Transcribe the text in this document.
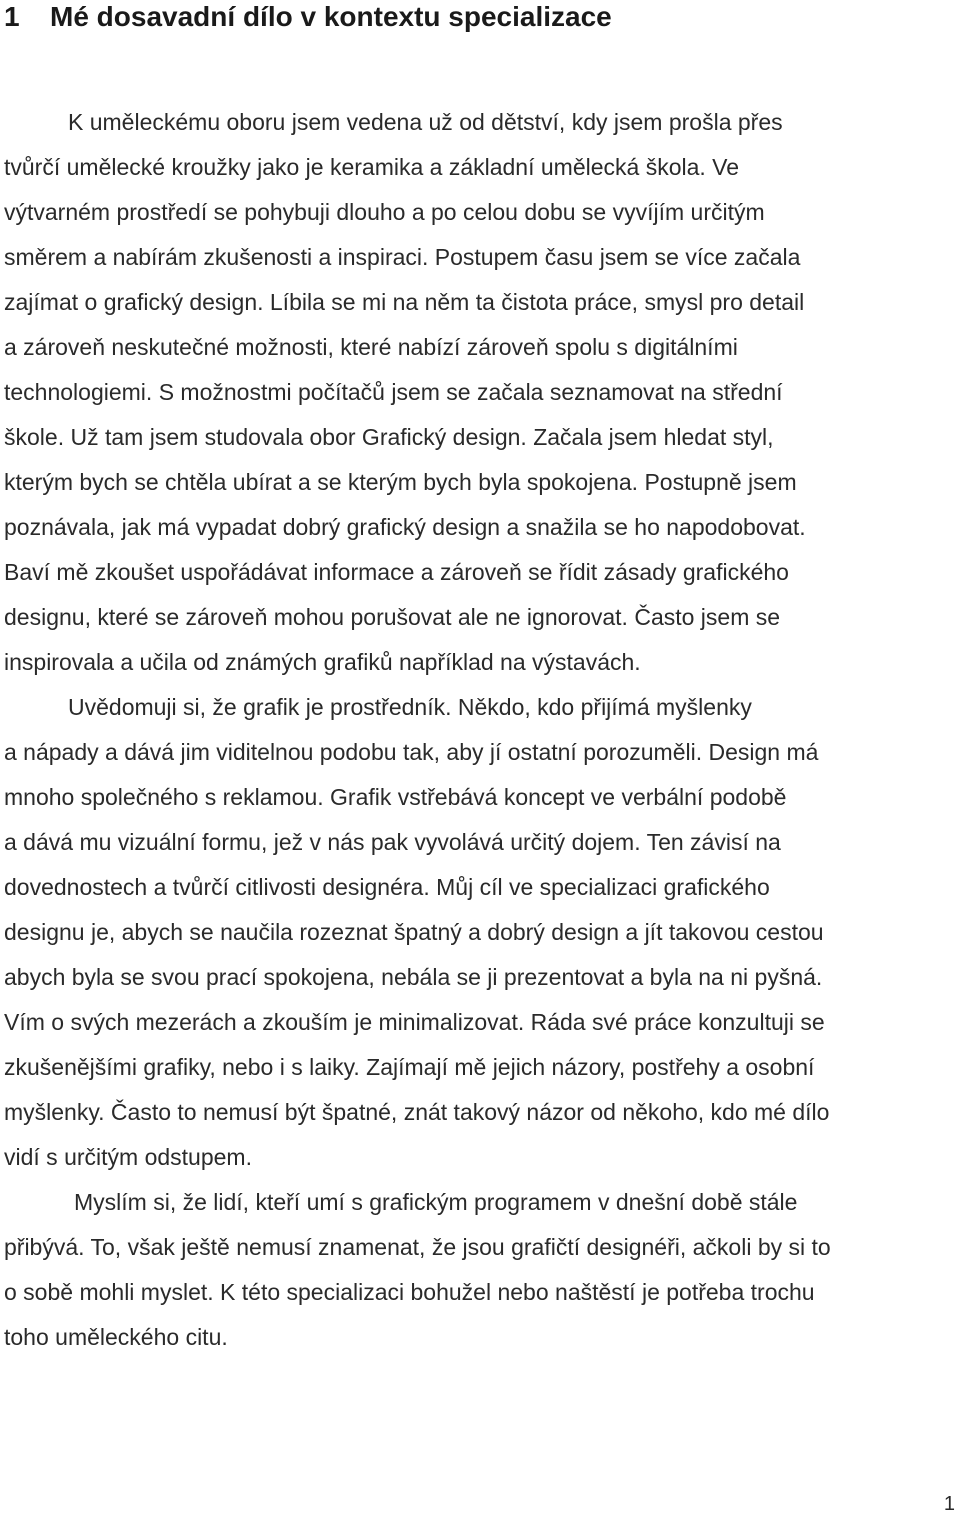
1 Mé dosavadní dílo v kontextu specializace
K uměleckému oboru jsem vedena už od dětství, kdy jsem prošla přes
tvůrčí umělecké kroužky jako je keramika a základní umělecká škola. Ve
výtvarném prostředí se pohybuji dlouho a po celou dobu se vyvíjím určitým
směrem a nabírám zkušenosti a inspiraci. Postupem času jsem se více začala
zajímat o grafický design. Líbila se mi na něm ta čistota práce, smysl pro detail
a zároveň neskutečné možnosti, které nabízí zároveň spolu s digitálními
technologiemi. S možnostmi počítačů jsem se začala seznamovat na střední
škole. Už tam jsem studovala obor Grafický design. Začala jsem hledat styl,
kterým bych se chtěla ubírat a se kterým bych byla spokojena. Postupně jsem
poznávala, jak má vypadat dobrý grafický design a snažila se ho napodobovat.
Baví mě zkoušet uspořádávat informace a zároveň se řídit zásady grafického
designu, které se zároveň mohou porušovat ale ne ignorovat. Často jsem se
inspirovala a učila od známých grafiků například na výstavách.
Uvědomuji si, že grafik je prostředník. Někdo, kdo přijímá myšlenky
a nápady a dává jim viditelnou podobu tak, aby jí ostatní porozuměli. Design má
mnoho společného s reklamou. Grafik vstřebává koncept ve verbální podobě
a dává mu vizuální formu, jež v nás pak vyvolává určitý dojem. Ten závisí na
dovednostech a tvůrčí citlivosti designéra. Můj cíl ve specializaci grafického
designu je, abych se naučila rozeznat špatný a dobrý design a jít takovou cestou
abych byla se svou prací spokojena, nebála se ji prezentovat a byla na ni pyšná.
Vím o svých mezerách a zkouším je minimalizovat. Ráda své práce konzultuji se
zkušenějšími grafiky, nebo i s laiky. Zajímají mě jejich názory, postřehy a osobní
myšlenky. Často to nemusí být špatné, znát takový názor od někoho, kdo mé dílo
vidí s určitým odstupem.
Myslím si, že lidí, kteří umí s grafickým programem v dnešní době stále
přibývá. To, však ještě nemusí znamenat, že jsou grafičtí designéři, ačkoli by si to
o sobě mohli myslet. K této specializaci bohužel nebo naštěstí je potřeba trochu
toho uměleckého citu.
1
